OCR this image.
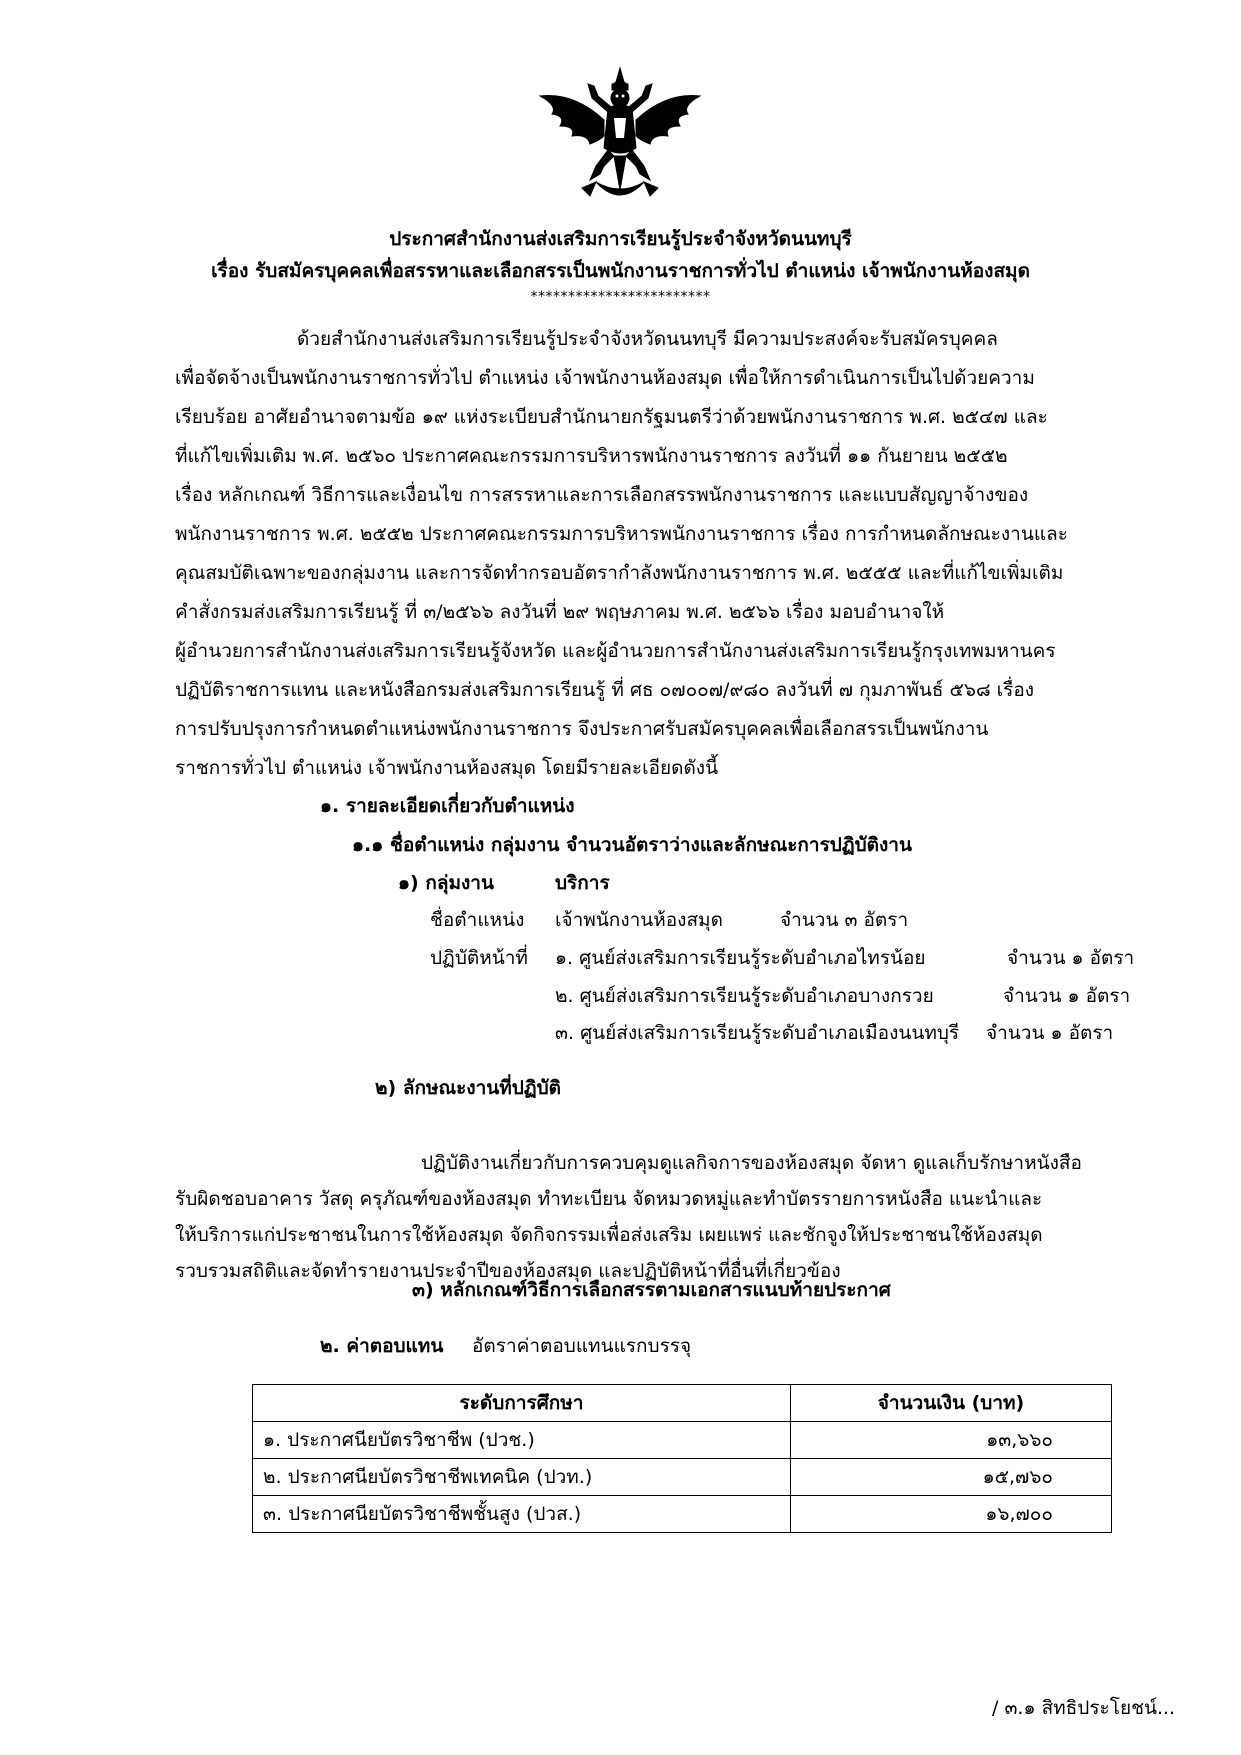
ประกาศสำนักงานส่งเสริมการเรียนรู้ประจำจังหวัดนนทบุรี
เรื่อง รับสมัครบุคคลเพื่อสรรหาและเลือกสรรเป็นพนักงานราชการทั่วไป ตำแหน่ง เจ้าพนักงานห้องสมุด
************************
ด้วยสำนักงานส่งเสริมการเรียนรู้ประจำจังหวัดนนทบุรี มีความประสงค์จะรับสมัครบุคคล
เพื่อจัดจ้างเป็นพนักงานราชการทั่วไป ตำแหน่ง เจ้าพนักงานห้องสมุด เพื่อให้การดำเนินการเป็นไปด้วยความ
เรียบร้อย อาศัยอำนาจตามข้อ ๑๙ แห่งระเบียบสำนักนายกรัฐมนตรีว่าด้วยพนักงานราชการ พ.ศ. ๒๕๔๗ และ
ที่แก้ไขเพิ่มเติม พ.ศ. ๒๕๖๐ ประกาศคณะกรรมการบริหารพนักงานราชการ ลงวันที่ ๑๑ กันยายน ๒๕๕๒
เรื่อง หลักเกณฑ์ วิธีการและเงื่อนไข การสรรหาและการเลือกสรรพนักงานราชการ และแบบสัญญาจ้างของ
พนักงานราชการ พ.ศ. ๒๕๕๒ ประกาศคณะกรรมการบริหารพนักงานราชการ เรื่อง การกำหนดลักษณะงานและ
คุณสมบัติเฉพาะของกลุ่มงาน และการจัดทำกรอบอัตรากำลังพนักงานราชการ พ.ศ. ๒๕๕๕ และที่แก้ไขเพิ่มเติม
คำสั่งกรมส่งเสริมการเรียนรู้ ที่ ๓/๒๕๖๖ ลงวันที่ ๒๙ พฤษภาคม พ.ศ. ๒๕๖๖ เรื่อง มอบอำนาจให้
ผู้อำนวยการสำนักงานส่งเสริมการเรียนรู้จังหวัด และผู้อำนวยการสำนักงานส่งเสริมการเรียนรู้กรุงเทพมหานคร
ปฏิบัติราชการแทน และหนังสือกรมส่งเสริมการเรียนรู้ ที่ ศธ ๐๗๐๐๗/๙๘๐ ลงวันที่ ๗ กุมภาพันธ์ ๕๖๘ เรื่อง
การปรับปรุงการกำหนดตำแหน่งพนักงานราชการ จึงประกาศรับสมัครบุคคลเพื่อเลือกสรรเป็นพนักงาน
ราชการทั่วไป ตำแหน่ง เจ้าพนักงานห้องสมุด โดยมีรายละเอียดดังนี้
๑. รายละเอียดเกี่ยวกับตำแหน่ง
๑.๑ ชื่อตำแหน่ง กลุ่มงาน จำนวนอัตราว่างและลักษณะการปฏิบัติงาน
๑) กลุ่มงาน	บริการ
ชื่อตำแหน่ง เจ้าพนักงานห้องสมุด	จำนวน ๓ อัตรา
ปฏิบัติหน้าที่ ๑. ศูนย์ส่งเสริมการเรียนรู้ระดับอำเภอไทรน้อย	จำนวน ๑ อัตรา
๒. ศูนย์ส่งเสริมการเรียนรู้ระดับอำเภอบางกรวย	จำนวน ๑ อัตรา
๓. ศูนย์ส่งเสริมการเรียนรู้ระดับอำเภอเมืองนนทบุรี จำนวน ๑ อัตรา
๒) ลักษณะงานที่ปฏิบัติ
ปฏิบัติงานเกี่ยวกับการควบคุมดูแลกิจการของห้องสมุด จัดหา ดูแลเก็บรักษาหนังสือ
รับผิดชอบอาคาร วัสดุ ครุภัณฑ์ของห้องสมุด ทำทะเบียน จัดหมวดหมู่และทำบัตรรายการหนังสือ แนะนำและ
ให้บริการแก่ประชาชนในการใช้ห้องสมุด จัดกิจกรรมเพื่อส่งเสริม เผยแพร่ และชักจูงให้ประชาชนใช้ห้องสมุด
รวบรวมสถิติและจัดทำรายงานประจำปีของห้องสมุด และปฏิบัติหน้าที่อื่นที่เกี่ยวข้อง
๓) หลักเกณฑ์วิธีการเลือกสรรตามเอกสารแนบท้ายประกาศ
๒. ค่าตอบแทน อัตราค่าตอบแทนแรกบรรจุ
ระดับการศึกษา	จำนวนเงิน (บาท)
๑. ประกาศนียบัตรวิชาชีพ (ปวช.)	๑๓,๖๖๐
๒. ประกาศนียบัตรวิชาชีพเทคนิค (ปวท.)	๑๕,๗๖๐
๓. ประกาศนียบัตรวิชาชีพชั้นสูง (ปวส.)	๑๖,๗๐๐
/ ๓.๑ สิทธิประโยชน์...
